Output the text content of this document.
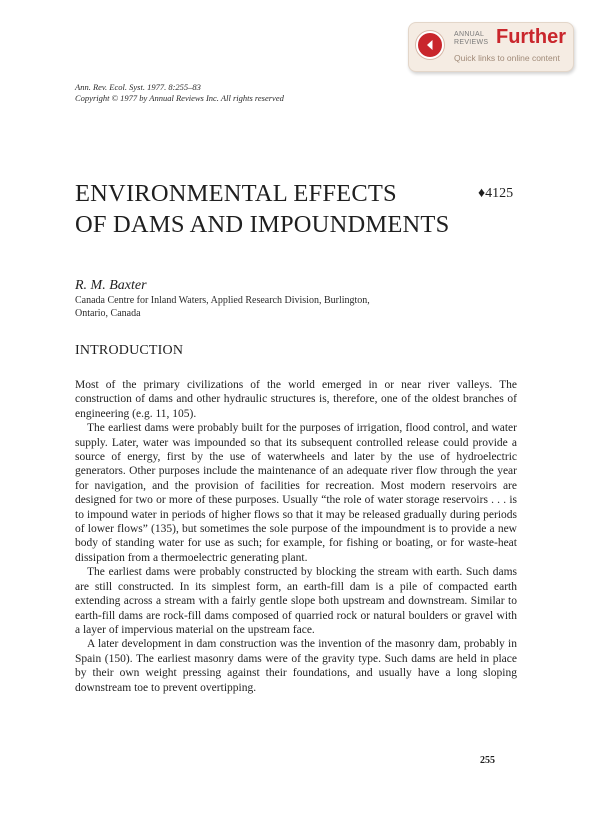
ANNUAL
REVIEWS Further
Quick links to online content
Ann. Rev. Ecol. Syst. 1977. 8:255–83
Copyright © 1977 by Annual Reviews Inc. All rights reserved
ENVIRONMENTAL EFFECTS
OF DAMS AND IMPOUNDMENTS
♦4125
R. M. Baxter
Canada Centre for Inland Waters, Applied Research Division, Burlington,
Ontario, Canada
INTRODUCTION

Most of the primary civilizations of the world emerged in or near river valleys. The construction of dams and other hydraulic structures is, therefore, one of the oldest branches of engineering (e.g. 11, 105).

The earliest dams were probably built for the purposes of irrigation, flood control, and water supply. Later, water was impounded so that its subsequent controlled release could provide a source of energy, first by the use of waterwheels and later by the use of hydroelectric generators. Other purposes include the maintenance of an adequate river flow through the year for navigation, and the provision of facilities for recreation. Most modern reservoirs are designed for two or more of these purposes. Usually “the role of water storage reservoirs . . . is to impound water in periods of higher flows so that it may be released gradually during periods of lower flows” (135), but sometimes the sole purpose of the impoundment is to provide a new body of standing water for use as such; for example, for fishing or boating, or for waste-heat dissipation from a thermoelectric generating plant.

The earliest dams were probably constructed by blocking the stream with earth. Such dams are still constructed. In its simplest form, an earth-fill dam is a pile of compacted earth extending across a stream with a fairly gentle slope both upstream and downstream. Similar to earth-fill dams are rock-fill dams composed of quarried rock or natural boulders or gravel with a layer of impervious material on the upstream face.

A later development in dam construction was the invention of the masonry dam, probably in Spain (150). The earliest masonry dams were of the gravity type. Such dams are held in place by their own weight pressing against their foundations, and usually have a long sloping downstream toe to prevent overtipping.

255
